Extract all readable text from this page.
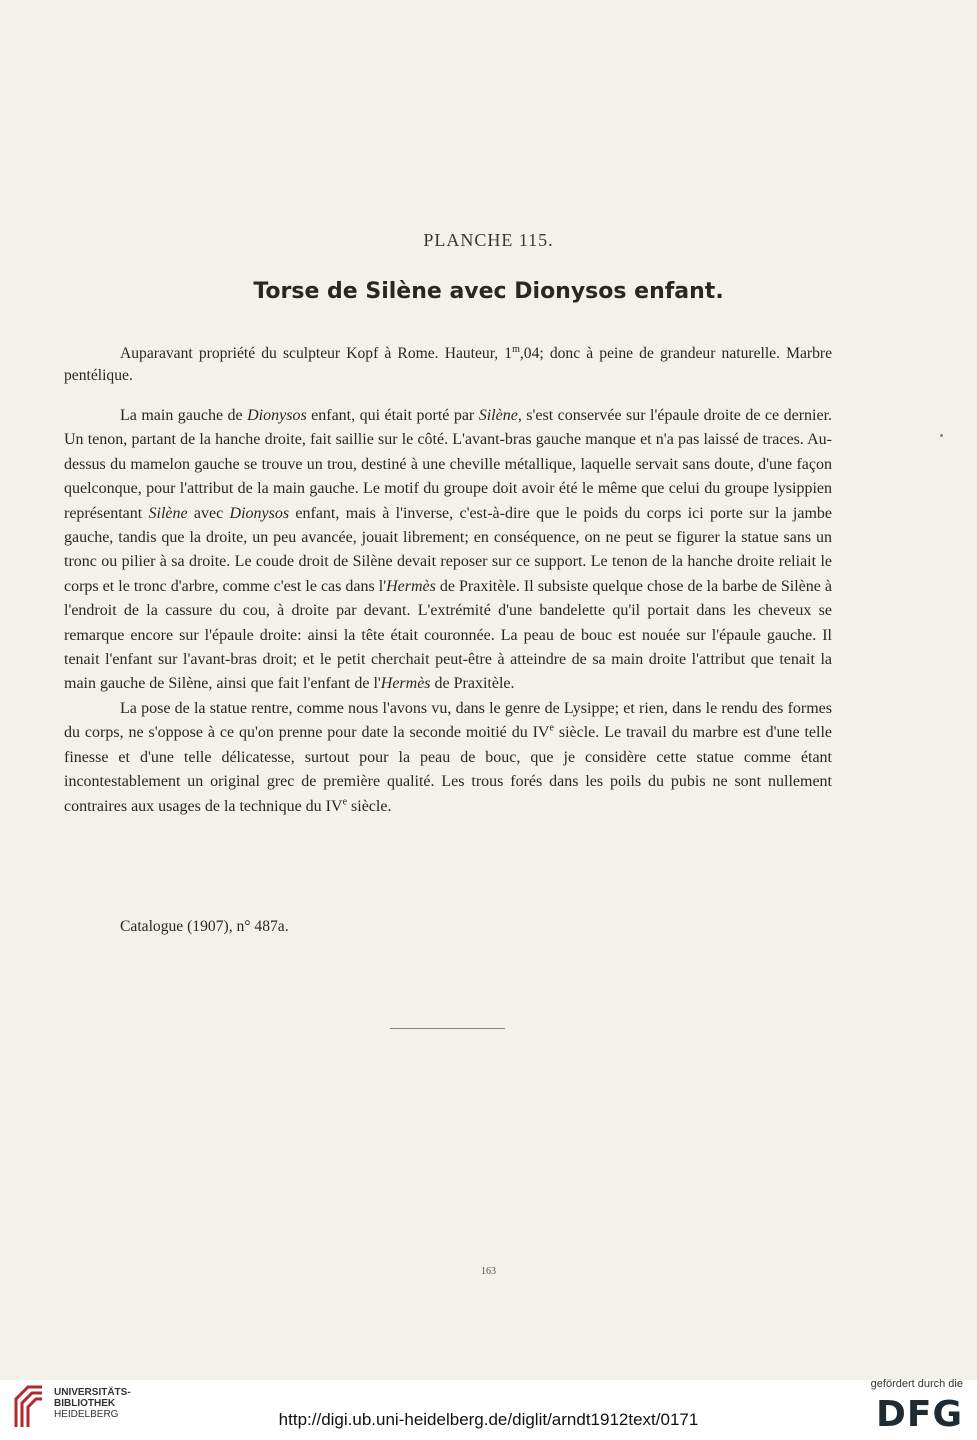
PLANCHE 115.
Torse de Silène avec Dionysos enfant.

Auparavant propriété du sculpteur Kopf à Rome. Hauteur, 1$^m$,04; donc à peine de grandeur naturelle. Marbre pentélique.

La main gauche de Dionysos enfant, qui était porté par Silène, s'est conservée sur l'épaule droite de ce dernier. Un tenon, partant de la hanche droite, fait saillie sur le côté. L'avant-bras gauche manque et n'a pas laissé de traces. Au-dessus du mamelon gauche se trouve un trou, destiné à une cheville métallique, laquelle servait sans doute, d'une façon quelconque, pour l'attribut de la main gauche. Le motif du groupe doit avoir été le même que celui du groupe lysippien représentant Silène avec Dionysos enfant, mais à l'inverse, c'est-à-dire que le poids du corps ici porte sur la jambe gauche, tandis que la droite, un peu avancée, jouait librement; en conséquence, on ne peut se figurer la statue sans un tronc ou pilier à sa droite. Le coude droit de Silène devait reposer sur ce support. Le tenon de la hanche droite reliait le corps et le tronc d'arbre, comme c'est le cas dans l'Hermès de Praxitèle. Il subsiste quelque chose de la barbe de Silène à l'endroit de la cassure du cou, à droite par devant. L'extrémité d'une bandelette qu'il portait dans les cheveux se remarque encore sur l'épaule droite: ainsi la tête était couronnée. La peau de bouc est nouée sur l'épaule gauche. Il tenait l'enfant sur l'avant-bras droit; et le petit cherchait peut-être à atteindre de sa main droite l'attribut que tenait la main gauche de Silène, ainsi que fait l'enfant de l'Hermès de Praxitèle.

La pose de la statue rentre, comme nous l'avons vu, dans le genre de Lysippe; et rien, dans le rendu des formes du corps, ne s'oppose à ce qu'on prenne pour date la seconde moitié du IVe siècle. Le travail du marbre est d'une telle finesse et d'une telle délicatesse, surtout pour la peau de bouc, que je considère cette statue comme étant incontestablement un original grec de première qualité. Les trous forés dans les poils du pubis ne sont nullement contraires aux usages de la technique du IVe siècle.

Catalogue (1907), n° 487a.
163
UNIVERSITÄTS-
BIBLIOTHEK
HEIDELBERG	http://digi.ub.uni-heidelberg.de/diglit/arndt1912text/0171
gefördert durch die
DFG
